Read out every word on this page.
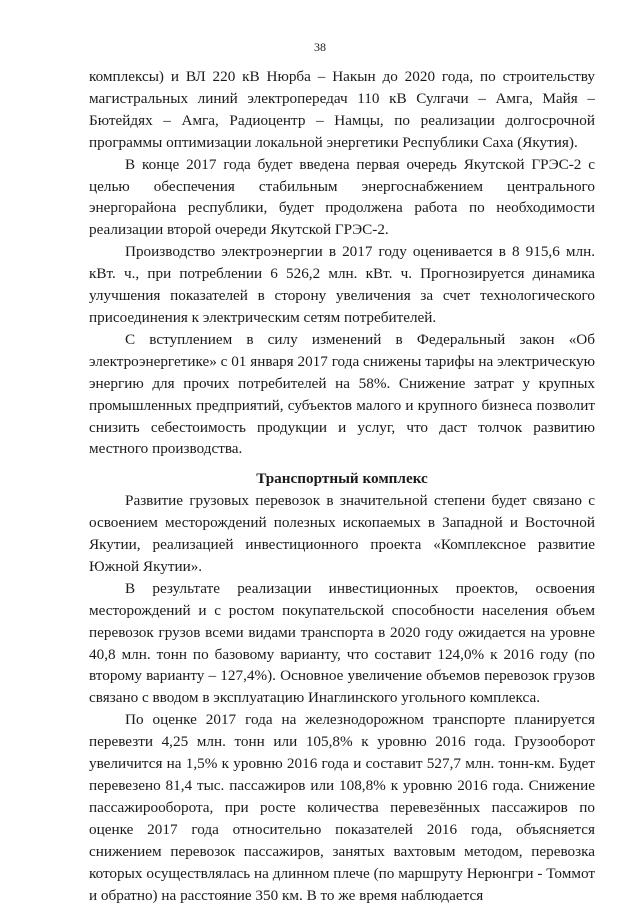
38

комплексы) и ВЛ 220 кВ Нюрба – Накын до 2020 года, по строительству магистральных линий электропередач 110 кВ Сулгачи – Амга, Майя – Бютейдях – Амга, Радиоцентр – Намцы, по реализации долгосрочной программы оптимизации локальной энергетики Республики Саха (Якутия).

В конце 2017 года будет введена первая очередь Якутской ГРЭС-2 с целью обеспечения стабильным энергоснабжением центрального энергорайона республики, будет продолжена работа по необходимости реализации второй очереди Якутской ГРЭС-2.

Производство электроэнергии в 2017 году оценивается в 8 915,6 млн. кВт. ч., при потреблении 6 526,2 млн. кВт. ч. Прогнозируется динамика улучшения показателей в сторону увеличения за счет технологического присоединения к электрическим сетям потребителей.

С вступлением в силу изменений в Федеральный закон «Об электроэнергетике» с 01 января 2017 года снижены тарифы на электрическую энергию для прочих потребителей на 58%. Снижение затрат у крупных промышленных предприятий, субъектов малого и крупного бизнеса позволит снизить себестоимость продукции и услуг, что даст толчок развитию местного производства.

Транспортный комплекс

Развитие грузовых перевозок в значительной степени будет связано с освоением месторождений полезных ископаемых в Западной и Восточной Якутии, реализацией инвестиционного проекта «Комплексное развитие Южной Якутии».

В результате реализации инвестиционных проектов, освоения месторождений и с ростом покупательской способности населения объем перевозок грузов всеми видами транспорта в 2020 году ожидается на уровне 40,8 млн. тонн по базовому варианту, что составит 124,0% к 2016 году (по второму варианту – 127,4%). Основное увеличение объемов перевозок грузов связано с вводом в эксплуатацию Инаглинского угольного комплекса.

По оценке 2017 года на железнодорожном транспорте планируется перевезти 4,25 млн. тонн или 105,8% к уровню 2016 года. Грузооборот увеличится на 1,5% к уровню 2016 года и составит 527,7 млн. тонн-км. Будет перевезено 81,4 тыс. пассажиров или 108,8% к уровню 2016 года. Снижение пассажирооборота, при росте количества перевезённых пассажиров по оценке 2017 года относительно показателей 2016 года, объясняется снижением перевозок пассажиров, занятых вахтовым методом, перевозка которых осуществлялась на длинном плече (по маршруту Нерюнгри - Томмот и обратно) на расстояние 350 км. В то же время наблюдается
